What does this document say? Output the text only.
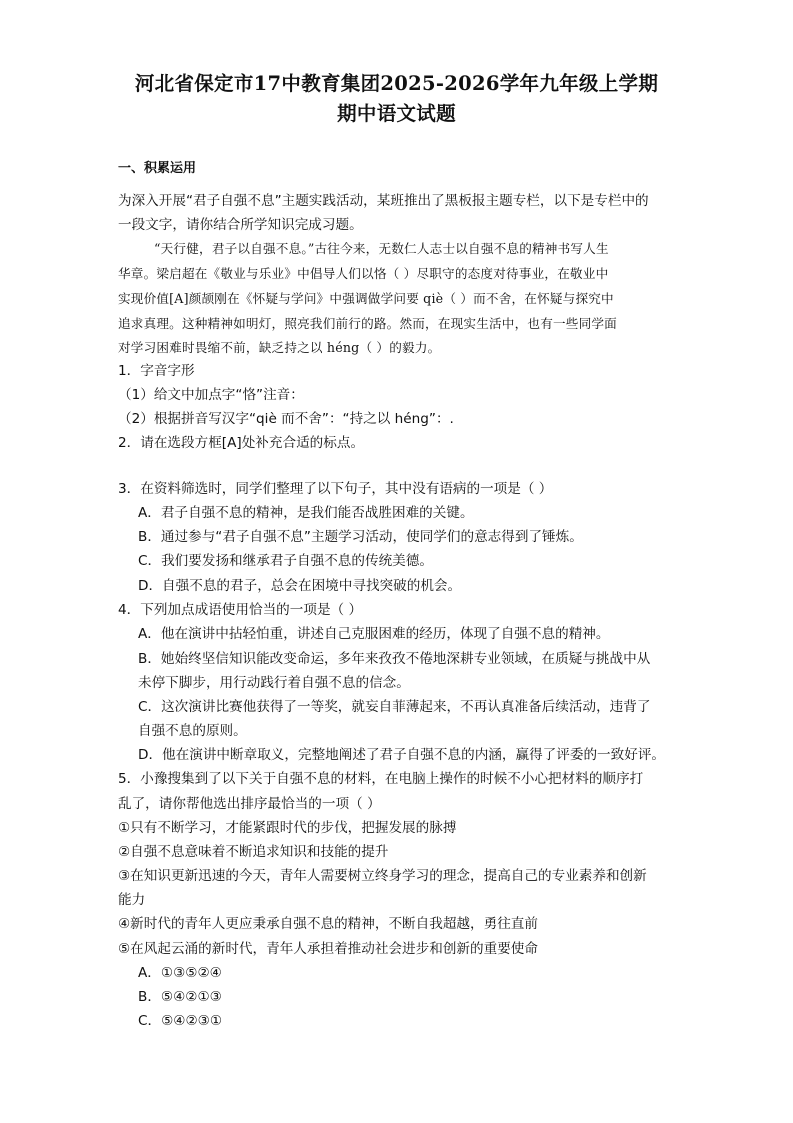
河北省保定市17中教育集团2025-2026学年九年级上学期
期中语文试题
一、积累运用
为深入开展“君子自强不息”主题实践活动，某班推出了黑板报主题专栏，以下是专栏中的
一段文字，请你结合所学知识完成习题。
“天行健，君子以自强不息。”古往今来，无数仁人志士以自强不息的精神书写人生
华章。梁启超在《敬业与乐业》中倡导人们以恪（ ）尽职守的态度对待事业，在敬业中
实现价值[A]颜颉刚在《怀疑与学问》中强调做学问要 qiè（ ）而不舍，在怀疑与探究中
追求真理。这种精神如明灯，照亮我们前行的路。然而，在现实生活中，也有一些同学面
对学习困难时畏缩不前，缺乏持之以 héng（ ）的毅力。
1．字音字形
（1）给文中加点字“恪”注音：
（2）根据拼音写汉字“qiè 而不舍”：“持之以 héng”：.
2．请在选段方框[A]处补充合适的标点。
3．在资料筛选时，同学们整理了以下句子，其中没有语病的一项是（ ）
A．君子自强不息的精神，是我们能否战胜困难的关键。
B．通过参与“君子自强不息”主题学习活动，使同学们的意志得到了锤炼。
C．我们要发扬和继承君子自强不息的传统美德。
D．自强不息的君子，总会在困境中寻找突破的机会。
4．下列加点成语使用恰当的一项是（ ）
A．他在演讲中拈轻怕重，讲述自己克服困难的经历，体现了自强不息的精神。
B．她始终坚信知识能改变命运，多年来孜孜不倦地深耕专业领域，在质疑与挑战中从
未停下脚步，用行动践行着自强不息的信念。
C．这次演讲比赛他获得了一等奖，就妄自菲薄起来，不再认真准备后续活动，违背了
自强不息的原则。
D．他在演讲中断章取义，完整地阐述了君子自强不息的内涵，赢得了评委的一致好评。
5．小豫搜集到了以下关于自强不息的材料，在电脑上操作的时候不小心把材料的顺序打
乱了，请你帮他选出排序最恰当的一项（ ）
①只有不断学习，才能紧跟时代的步伐，把握发展的脉搏
②自强不息意味着不断追求知识和技能的提升
③在知识更新迅速的今天，青年人需要树立终身学习的理念，提高自己的专业素养和创新
能力
④新时代的青年人更应秉承自强不息的精神，不断自我超越，勇往直前
⑤在风起云涌的新时代，青年人承担着推动社会进步和创新的重要使命
A．①③⑤②④
B．⑤④②①③
C．⑤④②③①
